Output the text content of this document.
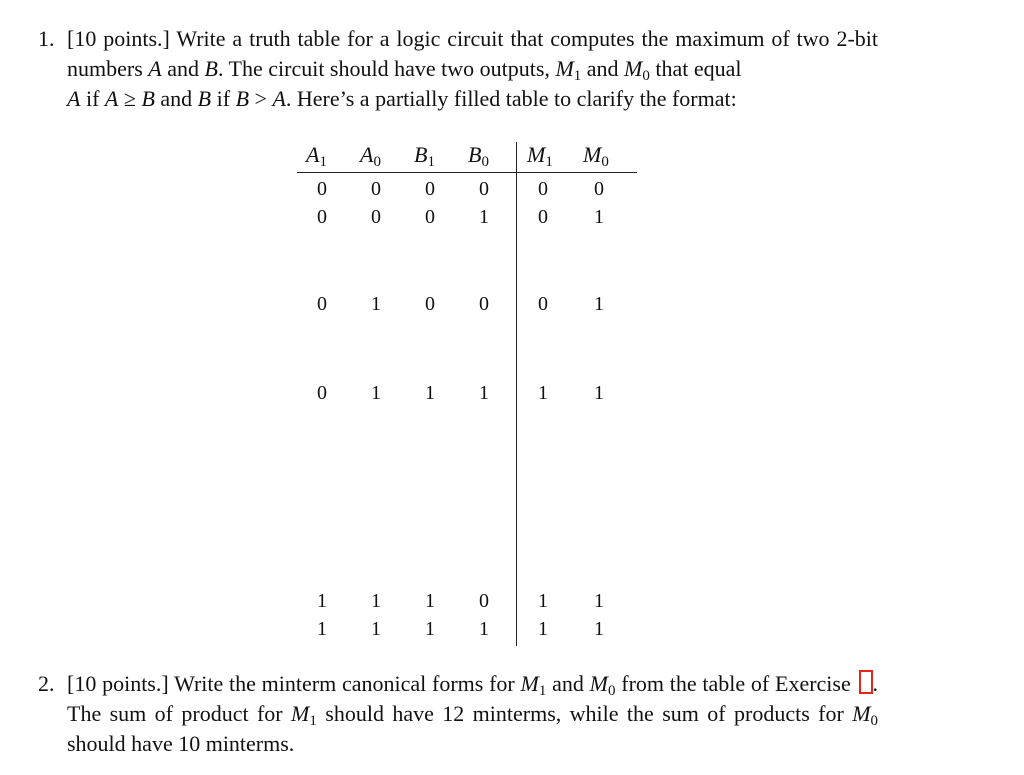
1. [10 points.] Write a truth table for a logic circuit that computes the maximum of two 2-bit numbers A and B. The circuit should have two outputs, $M_1$ and $M_0$ that equal
A if A ≥ B and B if B > A. Here’s a partially filled table to clarify the format:
$A_1$ $A_0$ $B_1$ $B_0$ $M_1$ $M_0$
0	0	0	0	0	0
0	0	0	1	0	1
0	1	0	0	0	1
0	1	1	1	1	1
1	1	1	0	1	1
1	1	1	1	1	1
2. [10 points.] Write the minterm canonical forms for $M_1$ and $M_0$ from the table of Exercise . The sum of product for $M_1$ should have 12 minterms, while the sum of products for $M_0$ should have 10 minterms.
